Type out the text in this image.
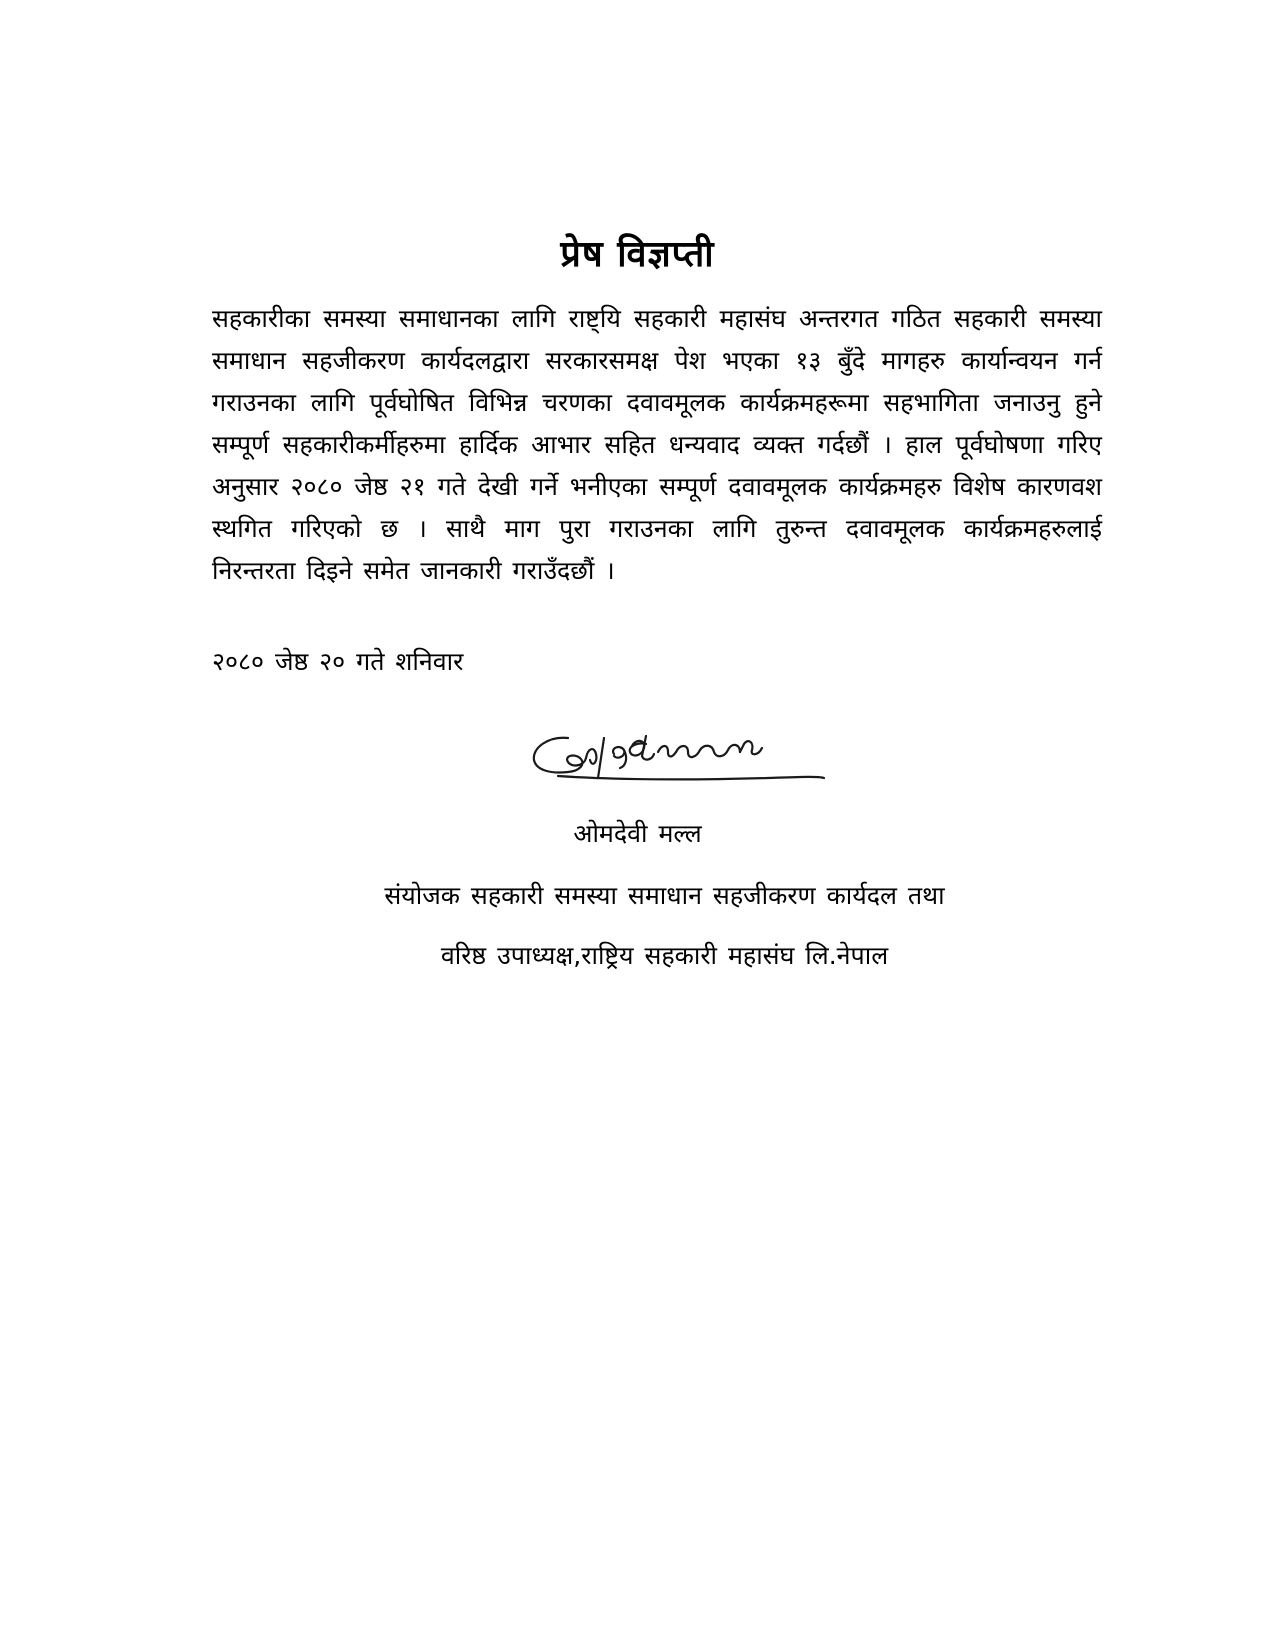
प्रेष विज्ञप्ती

सहकारीका समस्या समाधानका लागि राष्ट्यि सहकारी महासंघ अन्तरगत गठित सहकारी समस्या समाधान सहजीकरण कार्यदलद्वारा सरकारसमक्ष पेश भएका १३ बुँदे मागहरु कार्यान्वयन गर्न गराउनका लागि पूर्वघोषित विभिन्न चरणका दवावमूलक कार्यक्रमहरूमा सहभागिता जनाउनु हुने सम्पूर्ण सहकारीकर्मीहरुमा हार्दिक आभार सहित धन्यवाद व्यक्त गर्दछौं । हाल पूर्वघोषणा गरिए अनुसार २०८० जेष्ठ २१ गते देखी गर्ने भनीएका सम्पूर्ण दवावमूलक कार्यक्रमहरु विशेष कारणवश स्थगित गरिएको छ । साथै माग पुरा गराउनका लागि तुरुन्त दवावमूलक कार्यक्रमहरुलाई निरन्तरता दिइने समेत जानकारी गराउँदछौं ।

२०८० जेष्ठ २० गते शनिवार
ओमदेवी मल्ल
संयोजक सहकारी समस्या समाधान सहजीकरण कार्यदल तथा
वरिष्ठ उपाध्यक्ष,राष्ट्रिय सहकारी महासंघ लि.नेपाल
